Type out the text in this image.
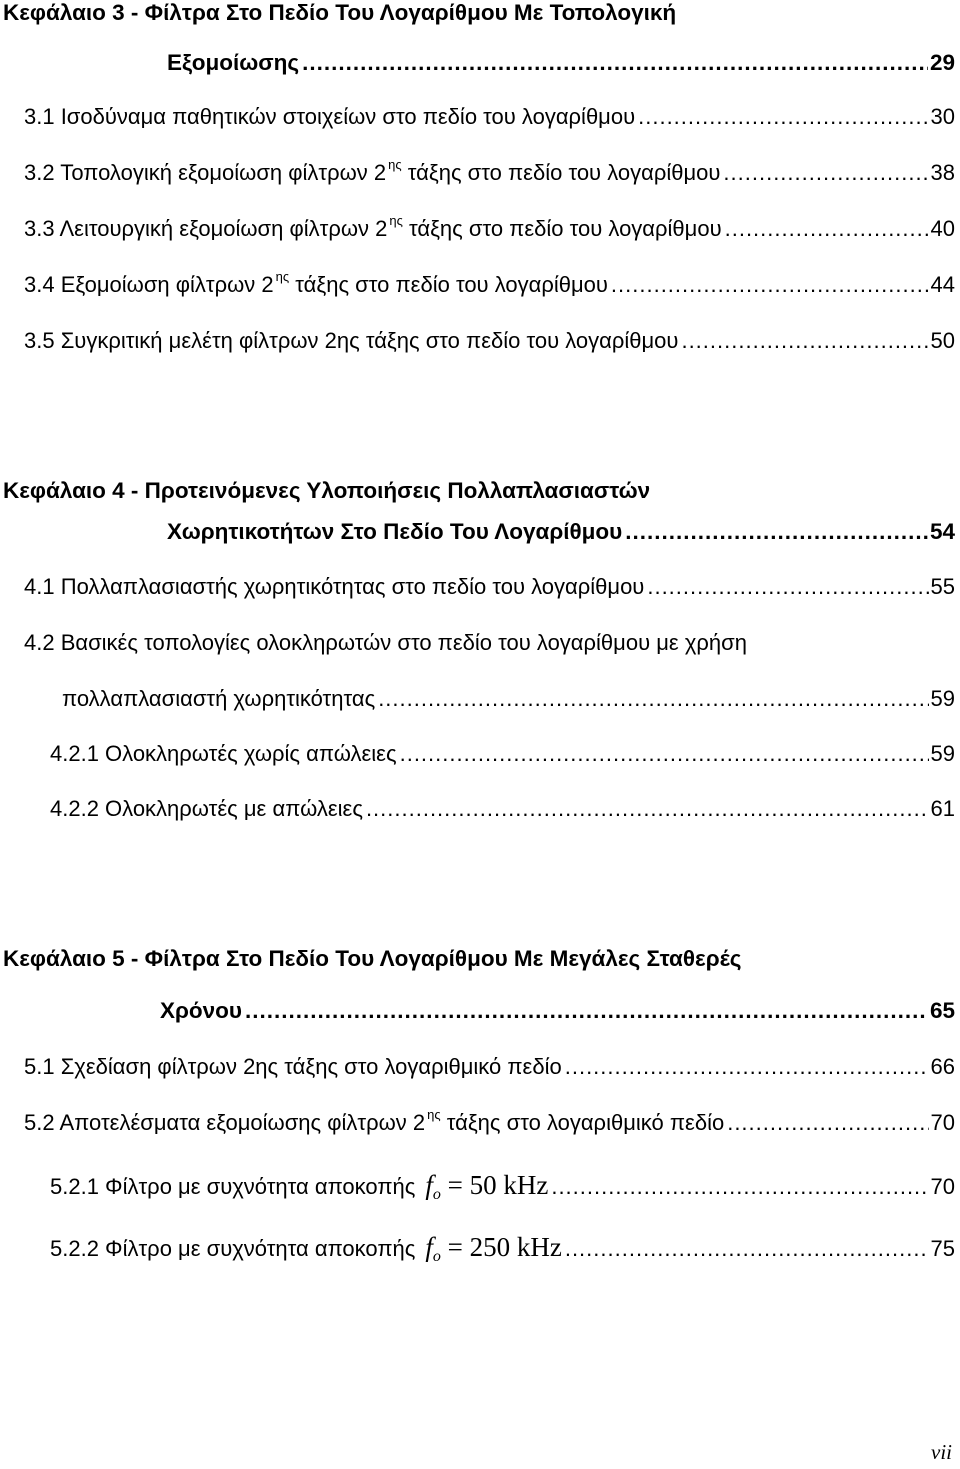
Κεφάλαιο 3 - Φίλτρα Στο Πεδίο Του Λογαρίθμου Με Τοπολογική
Εξομοίωσης .....	29
3.1 Ισοδύναμα παθητικών στοιχείων στο πεδίο του λογαρίθμου .....	30
3.2 Τοπολογική εξομοίωση φίλτρων 2 $^{\eta\varsigma}$ τάξης στο πεδίο του λογαρίθμου .....	38
3.3 Λειτουργική εξομοίωση φίλτρων 2 $^{\eta\varsigma}$ τάξης στο πεδίο του λογαρίθμου .....	40
3.4 Εξομοίωση φίλτρων 2 $^{\eta\varsigma}$ τάξης στο πεδίο του λογαρίθμου .....	44
3.5 Συγκριτική μελέτη φίλτρων 2ης τάξης στο πεδίο του λογαρίθμου .....	50
Κεφάλαιο 4 - Προτεινόμενες Υλοποιήσεις Πολλαπλασιαστών
Χωρητικοτήτων Στο Πεδίο Του Λογαρίθμου .....	54
4.1 Πολλαπλασιαστής χωρητικότητας στο πεδίο του λογαρίθμου .....	55
4.2 Βασικές τοπολογίες ολοκληρωτών στο πεδίο του λογαρίθμου με χρήση
πολλαπλασιαστή χωρητικότητας .....	59
4.2.1 Ολοκληρωτές χωρίς απώλειες .....	59
4.2.2 Ολοκληρωτές με απώλειες .....	61
Κεφάλαιο 5 - Φίλτρα Στο Πεδίο Του Λογαρίθμου Με Μεγάλες Σταθερές
Χρόνου .....	65
5.1 Σχεδίαση φίλτρων 2ης τάξης στο λογαριθμικό πεδίο .....	66
5.2 Αποτελέσματα εξομοίωσης φίλτρων 2 $^{\eta\varsigma}$ τάξης στο λογαριθμικό πεδίο .....	70
5.2.1 Φίλτρο με συχνότητα αποκοπής $f_o = 50$ kHz .....	70
5.2.2 Φίλτρο με συχνότητα αποκοπής $f_o = 250$ kHz .....	75
vii
